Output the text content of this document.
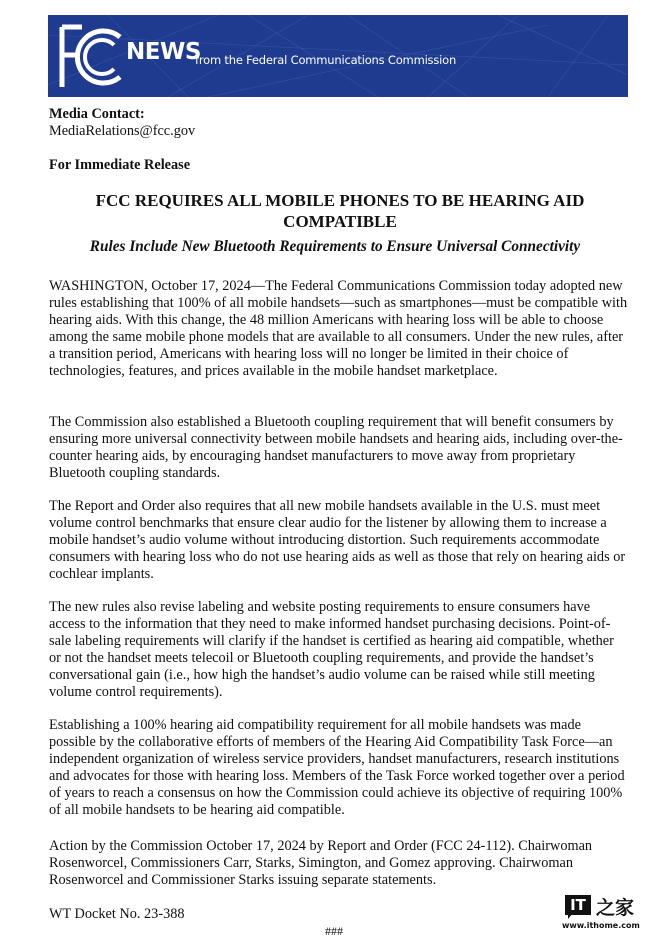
NEWS
from the Federal Communications Commission
Media Contact:
MediaRelations@fcc.gov
For Immediate Release
FCC REQUIRES ALL MOBILE PHONES TO BE HEARING AID COMPATIBLE
Rules Include New Bluetooth Requirements to Ensure Universal Connectivity
WASHINGTON, October 17, 2024—The Federal Communications Commission today adopted new rules establishing that 100% of all mobile handsets—such as smartphones—must be compatible with hearing aids. With this change, the 48 million Americans with hearing loss will be able to choose among the same mobile phone models that are available to all consumers. Under the new rules, after a transition period, Americans with hearing loss will no longer be limited in their choice of technologies, features, and prices available in the mobile handset marketplace.
The Commission also established a Bluetooth coupling requirement that will benefit consumers by ensuring more universal connectivity between mobile handsets and hearing aids, including over-the-counter hearing aids, by encouraging handset manufacturers to move away from proprietary Bluetooth coupling standards.
The Report and Order also requires that all new mobile handsets available in the U.S. must meet volume control benchmarks that ensure clear audio for the listener by allowing them to increase a mobile handset’s audio volume without introducing distortion. Such requirements accommodate consumers with hearing loss who do not use hearing aids as well as those that rely on hearing aids or cochlear implants.
The new rules also revise labeling and website posting requirements to ensure consumers have access to the information that they need to make informed handset purchasing decisions. Point-of-sale labeling requirements will clarify if the handset is certified as hearing aid compatible, whether or not the handset meets telecoil or Bluetooth coupling requirements, and provide the handset’s conversational gain (i.e., how high the handset’s audio volume can be raised while still meeting volume control requirements).
Establishing a 100% hearing aid compatibility requirement for all mobile handsets was made possible by the collaborative efforts of members of the Hearing Aid Compatibility Task Force—an independent organization of wireless service providers, handset manufacturers, research institutions and advocates for those with hearing loss. Members of the Task Force worked together over a period of years to reach a consensus on how the Commission could achieve its objective of requiring 100% of all mobile handsets to be hearing aid compatible.
Action by the Commission October 17, 2024 by Report and Order (FCC 24-112). Chairwoman Rosenworcel, Commissioners Carr, Starks, Simington, and Gomez approving. Chairwoman Rosenworcel and Commissioner Starks issuing separate statements.
WT Docket No. 23-388
###
IT 之家
www.ithome.com
